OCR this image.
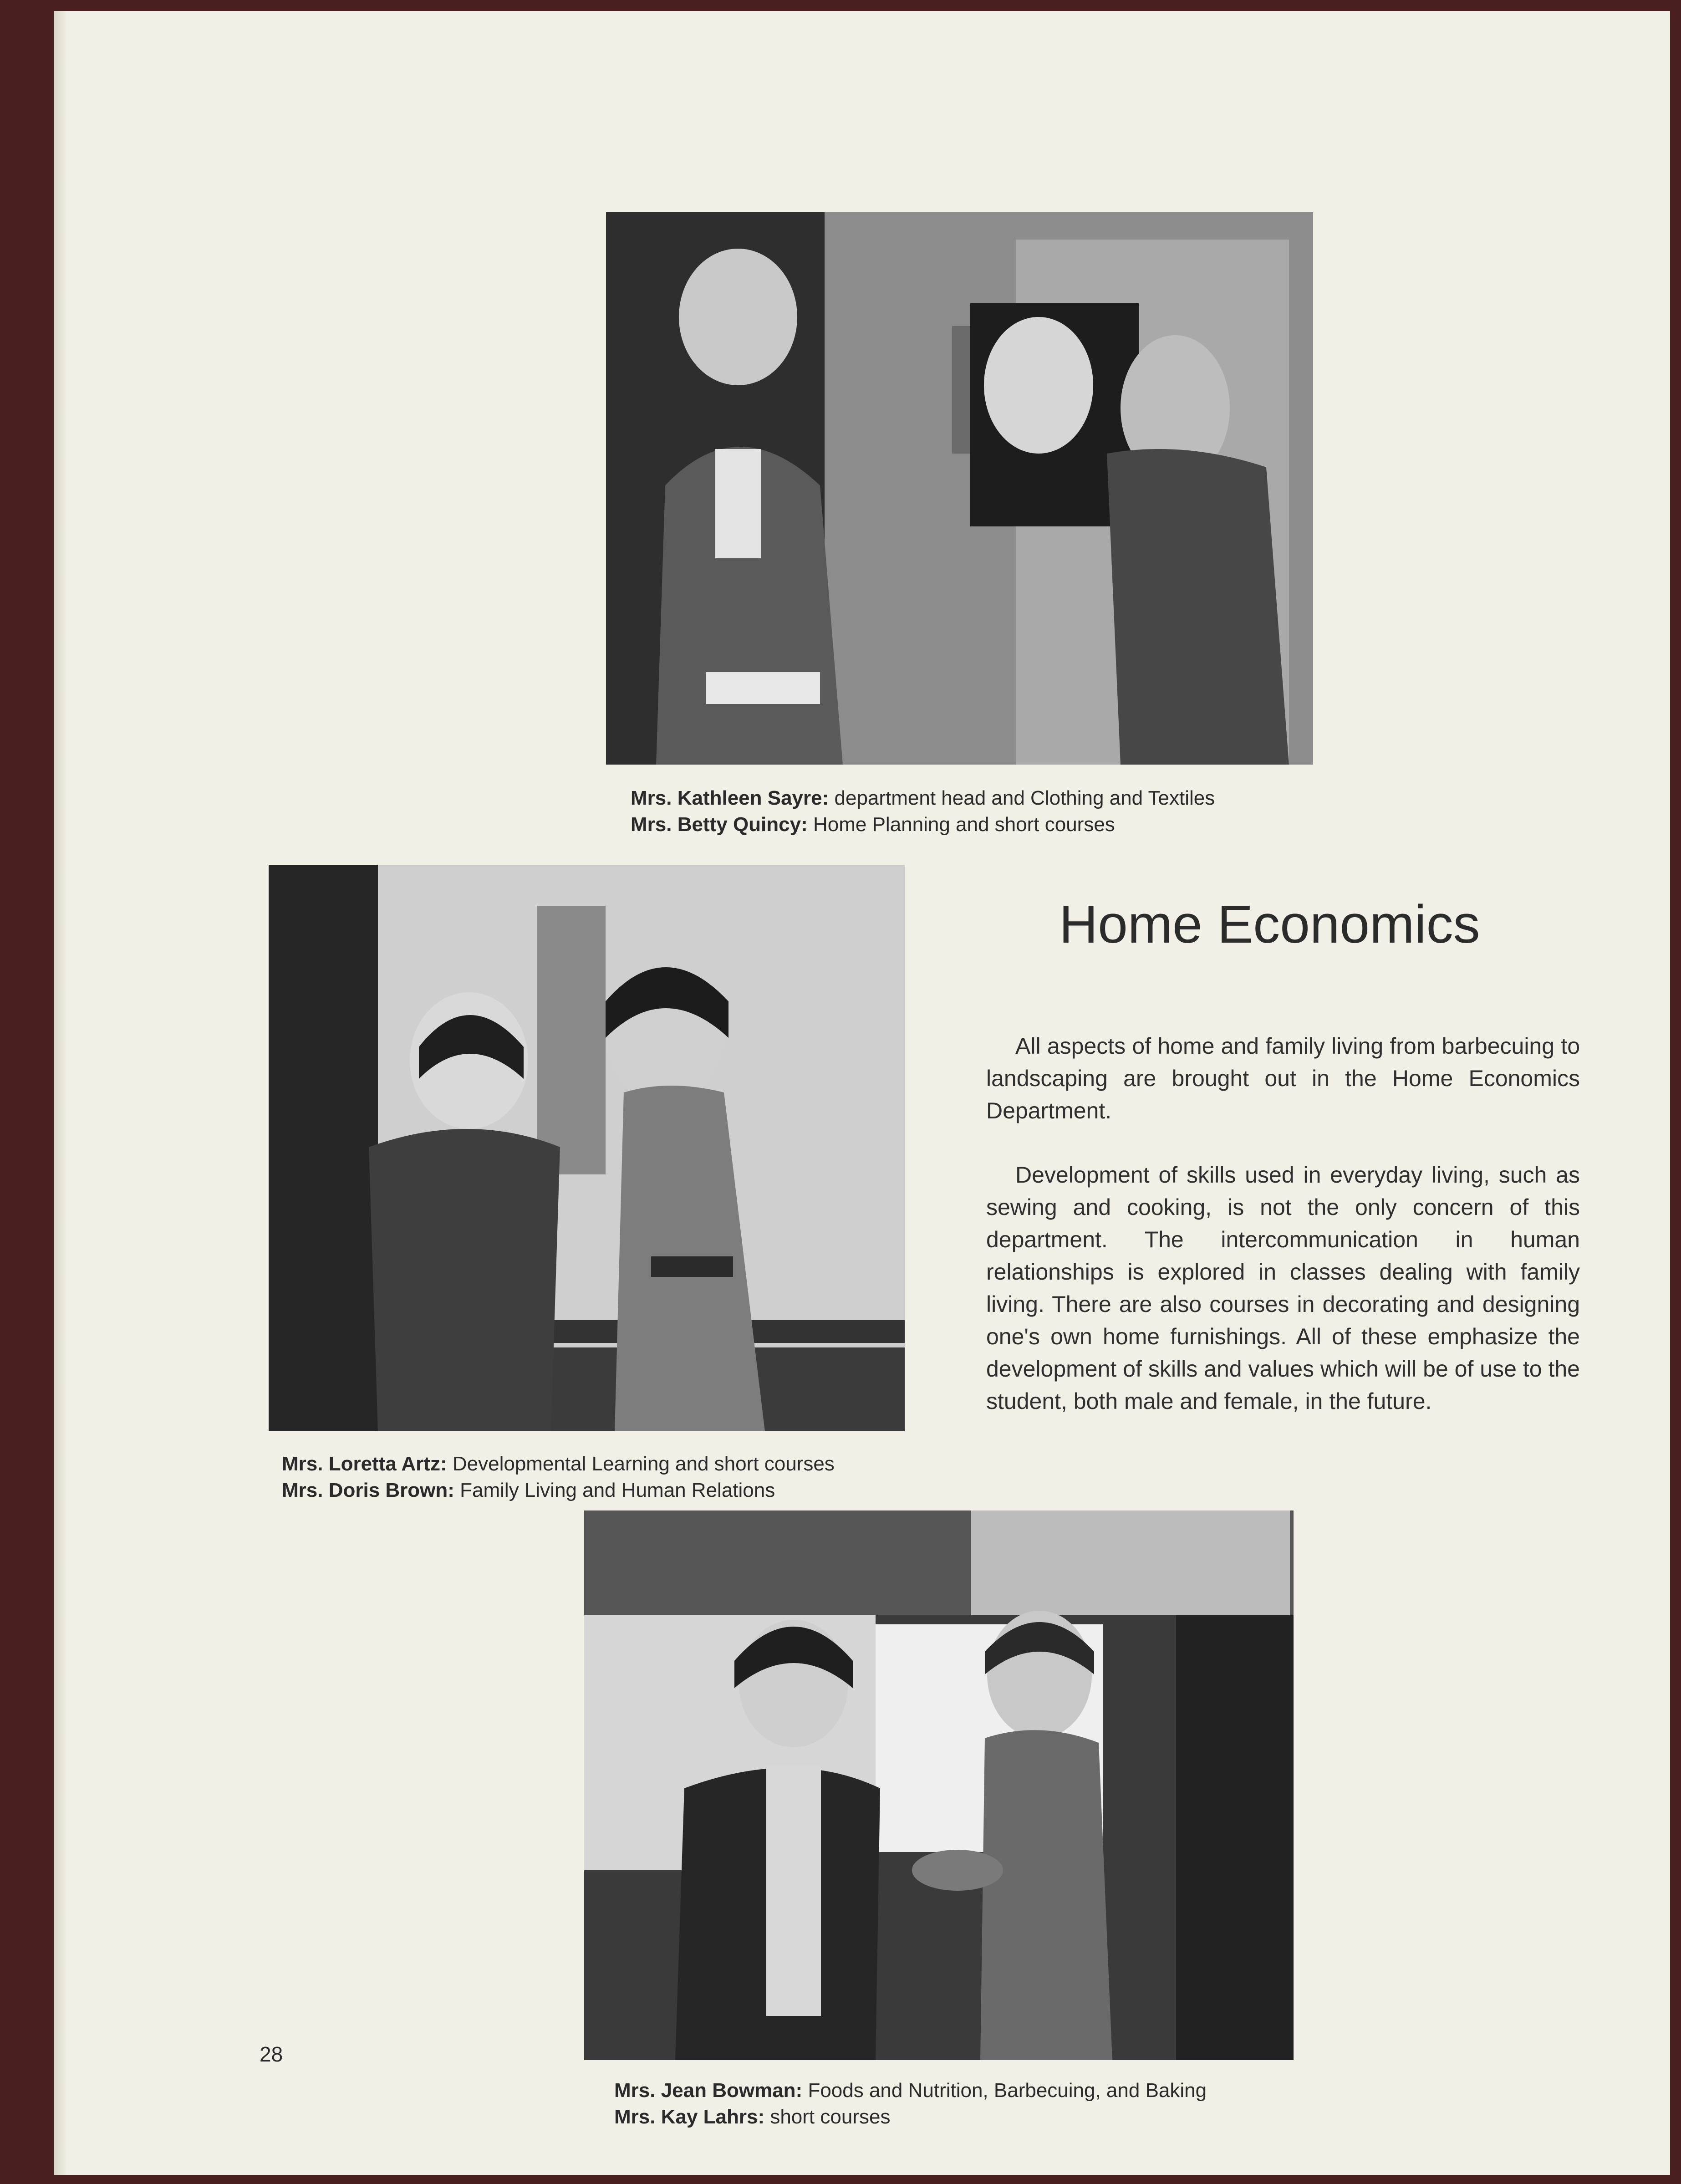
Mrs. Kathleen Sayre: department head and Clothing and Textiles
Mrs. Betty Quincy: Home Planning and short courses
Mrs. Loretta Artz: Developmental Learning and short courses
Mrs. Doris Brown: Family Living and Human Relations
Home Economics

All aspects of home and family living from barbecuing to landscaping are brought out in the Home Economics Department.

Development of skills used in everyday living, such as sewing and cooking, is not the only concern of this department. The intercommunication in human relationships is explored in classes dealing with family living. There are also courses in decorating and designing one's own home furnishings. All of these emphasize the development of skills and values which will be of use to the student, both male and female, in the future.

Mrs. Jean Bowman: Foods and Nutrition, Barbecuing, and Baking
Mrs. Kay Lahrs: short courses
28
